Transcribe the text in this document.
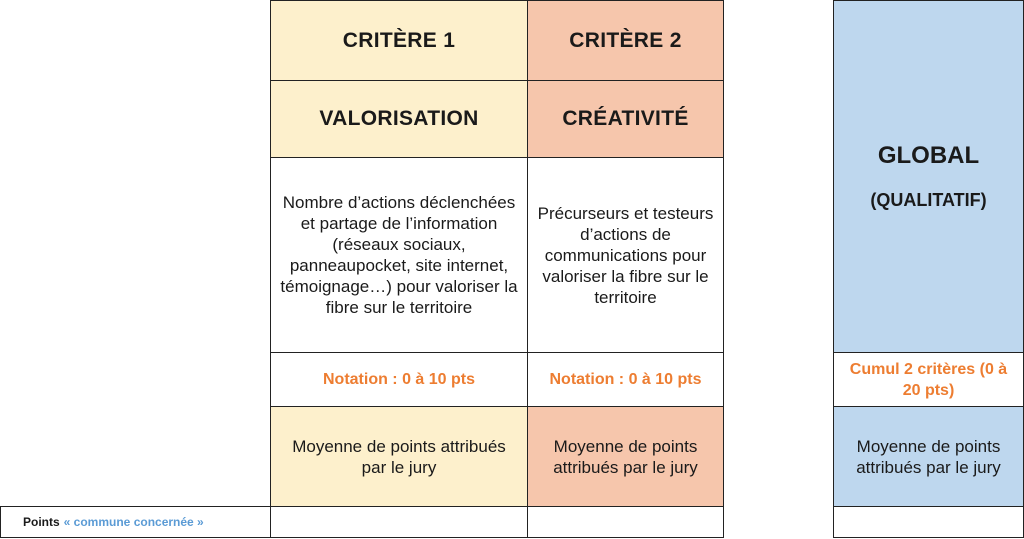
CRITÈRE 1
VALORISATION
Nombre d’actions déclenchées et partage de l’information (réseaux sociaux, panneaupocket, site internet, témoignage…) pour valoriser la fibre sur le territoire
Notation : 0 à 10 pts
Moyenne de points attribués par le jury
CRITÈRE 2
CRÉATIVITÉ
Précurseurs et testeurs d’actions de communications pour valoriser la fibre sur le territoire
Notation : 0 à 10 pts
Moyenne de points attribués par le jury
GLOBAL
(QUALITATIF)
Cumul 2 critères (0 à 20 pts)
Moyenne de points attribués par le jury
Points « commune concernée »
